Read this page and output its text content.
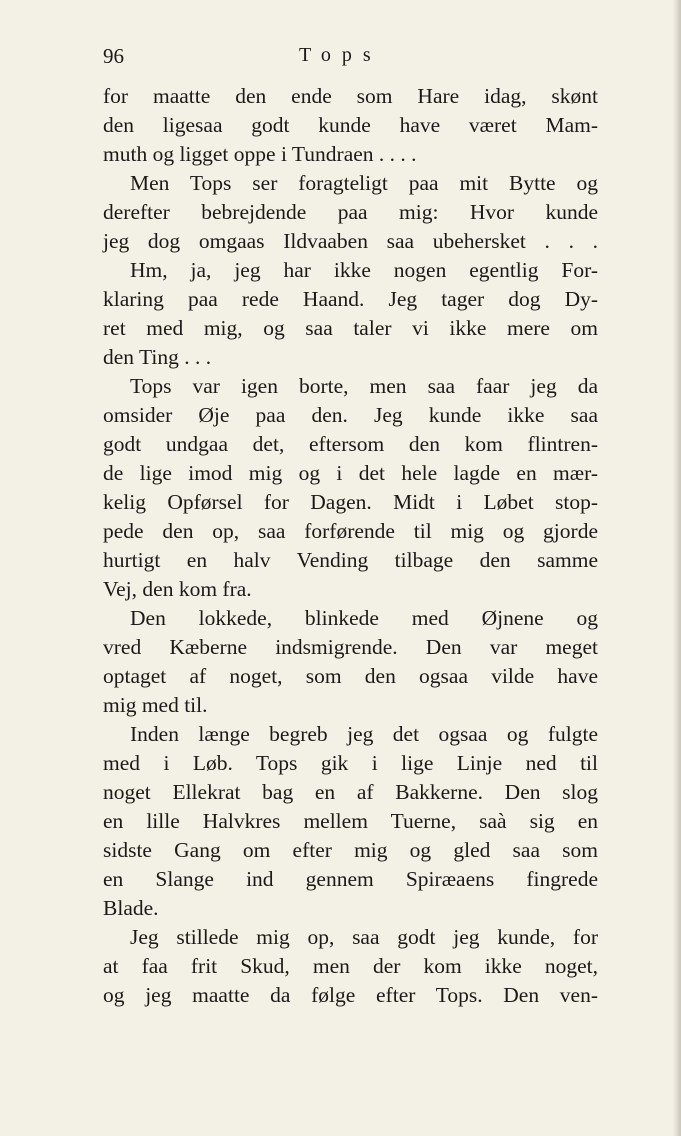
96	Tops
for maatte den ende som Hare idag, skønt
den ligesaa godt kunde have været Mam-
muth og ligget oppe i Tundraen . . . .
Men Tops ser foragteligt paa mit Bytte og
derefter bebrejdende paa mig: Hvor kunde
jeg dog omgaas Ildvaaben saa ubehersket . . .
Hm, ja, jeg har ikke nogen egentlig For-
klaring paa rede Haand. Jeg tager dog Dy-
ret med mig, og saa taler vi ikke mere om
den Ting . . .
Tops var igen borte, men saa faar jeg da
omsider Øje paa den. Jeg kunde ikke saa
godt undgaa det, eftersom den kom flintren-
de lige imod mig og i det hele lagde en mær-
kelig Opførsel for Dagen. Midt i Løbet stop-
pede den op, saa forførende til mig og gjorde
hurtigt en halv Vending tilbage den samme
Vej, den kom fra.
Den lokkede, blinkede med Øjnene og
vred Kæberne indsmigrende. Den var meget
optaget af noget, som den ogsaa vilde have
mig med til.
Inden længe begreb jeg det ogsaa og fulgte
med i Løb. Tops gik i lige Linje ned til
noget Ellekrat bag en af Bakkerne. Den slog
en lille Halvkres mellem Tuerne, saà sig en
sidste Gang om efter mig og gled saa som
en Slange ind gennem Spiræaens fingrede
Blade.
Jeg stillede mig op, saa godt jeg kunde, for
at faa frit Skud, men der kom ikke noget,
og jeg maatte da følge efter Tops. Den ven-
